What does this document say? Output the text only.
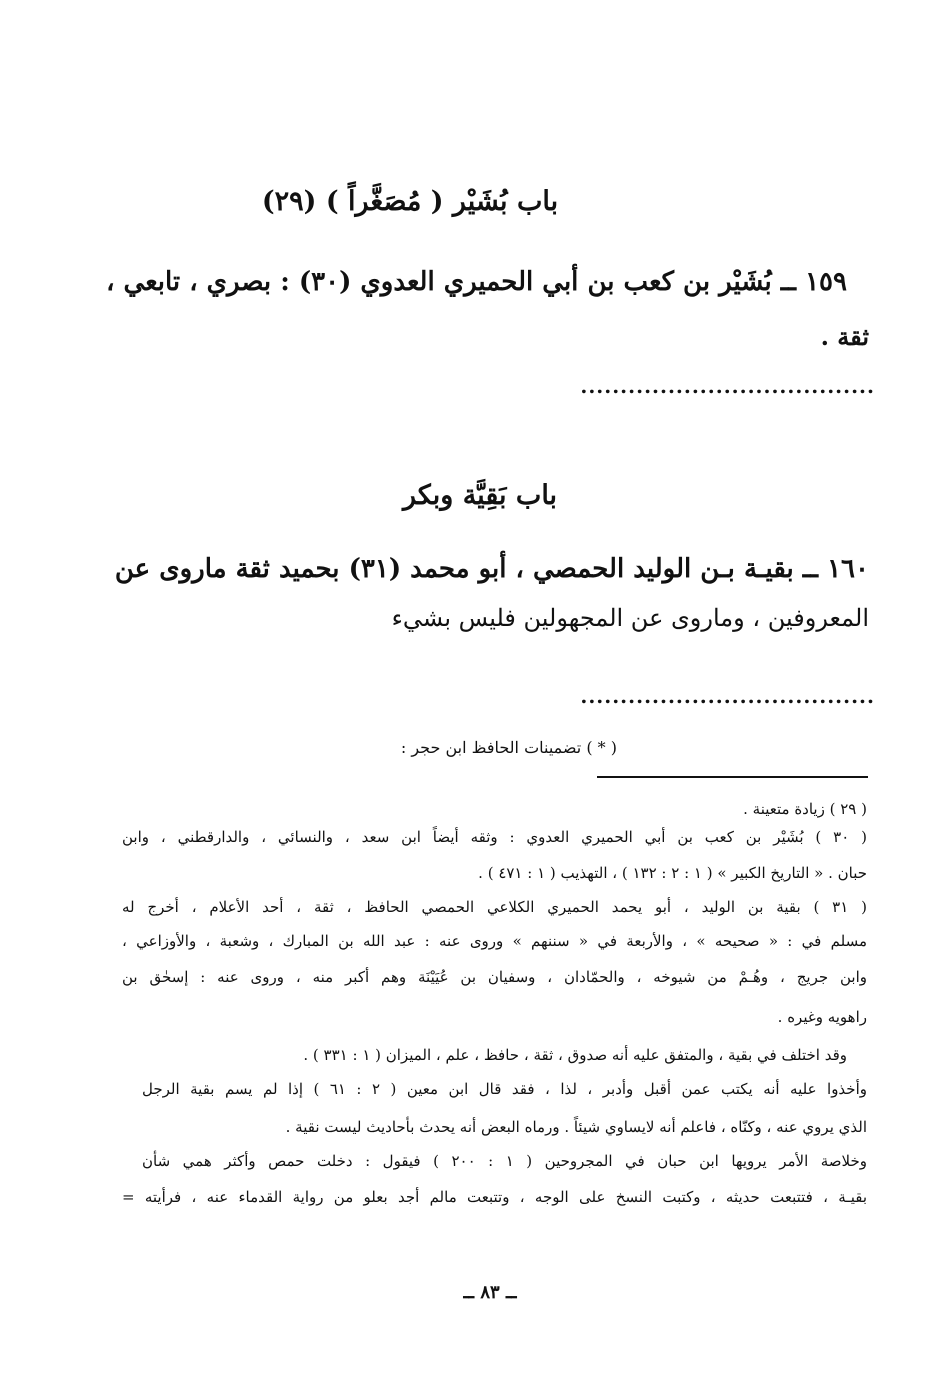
باب بُشَيْر ( مُصَغَّراً ) (٢٩)
١٥٩ ــ بُشَيْر بن كعب بن أبي الحميري العدوي (٣٠) : بصري ، تابعي ،
ثقة .
.....................................
باب بَقِيَّة وبكر
١٦٠ ــ بقيـة بـن الوليد الحمصي ، أبو محمد (٣١) بحميد ثقة ماروى عن
المعروفين ، وماروى عن المجهولين فليس بشيء
.....................................
( * ) تضمينات الحافظ ابن حجر :
( ٢٩ ) زيادة متعينة .
( ٣٠ ) بُشَيْر بن كعب بن أبي الحميري العدوي : وثقه أيضاً ابن سعد ، والنسائي ، والدارقطني ، وابن
حبان . « التاريخ الكبير » ( ١ : ٢ : ١٣٢ ) ، التهذيب ( ١ : ٤٧١ ) .
( ٣١ ) بقية بن الوليد ، أبو يحمد الحميري الكلاعي الحمصي الحافظ ، ثقة ، أحد الأعلام ، أخرج له
مسلم في : « صحيحه » ، والأربعة في « سننهم » وروى عنه : عبد الله بن المبارك ، وشعبة ، والأوزاعي ،
وابن جريج ، وهُـمْ من شيوخه ، والحمّادان ، وسفيان بن عُيَيْنَة وهم أكبر منه ، وروى عنه : إسحٰق بن
راهويه وغيره .
وقد اختلف في بقية ، والمتفق عليه أنه صدوق ، ثقة ، حافظ ، علم ، الميزان ( ١ : ٣٣١ ) .
وأخذوا عليه أنه يكتب عمن أقبل وأدبر ، لذا ، فقد قال ابن معين ( ٢ : ٦١ ) إذا لم يسم بقية الرجل
الذي يروي عنه ، وكنّاه ، فاعلم أنه لايساوي شيئاً . ورماه البعض أنه يحدث بأحاديث ليست نقية .
وخلاصة الأمر يرويها ابن حبان في المجروحين ( ١ : ٢٠٠ ) فيقول : دخلت حمص وأكثر همي شأن
بقيـة ، فتتبعت حديثه ، وكتبت النسخ على الوجه ، وتتبعت مالم أجد بعلو من رواية القدماء عنه ، فرأيته =
ــ ٨٣ ــ
